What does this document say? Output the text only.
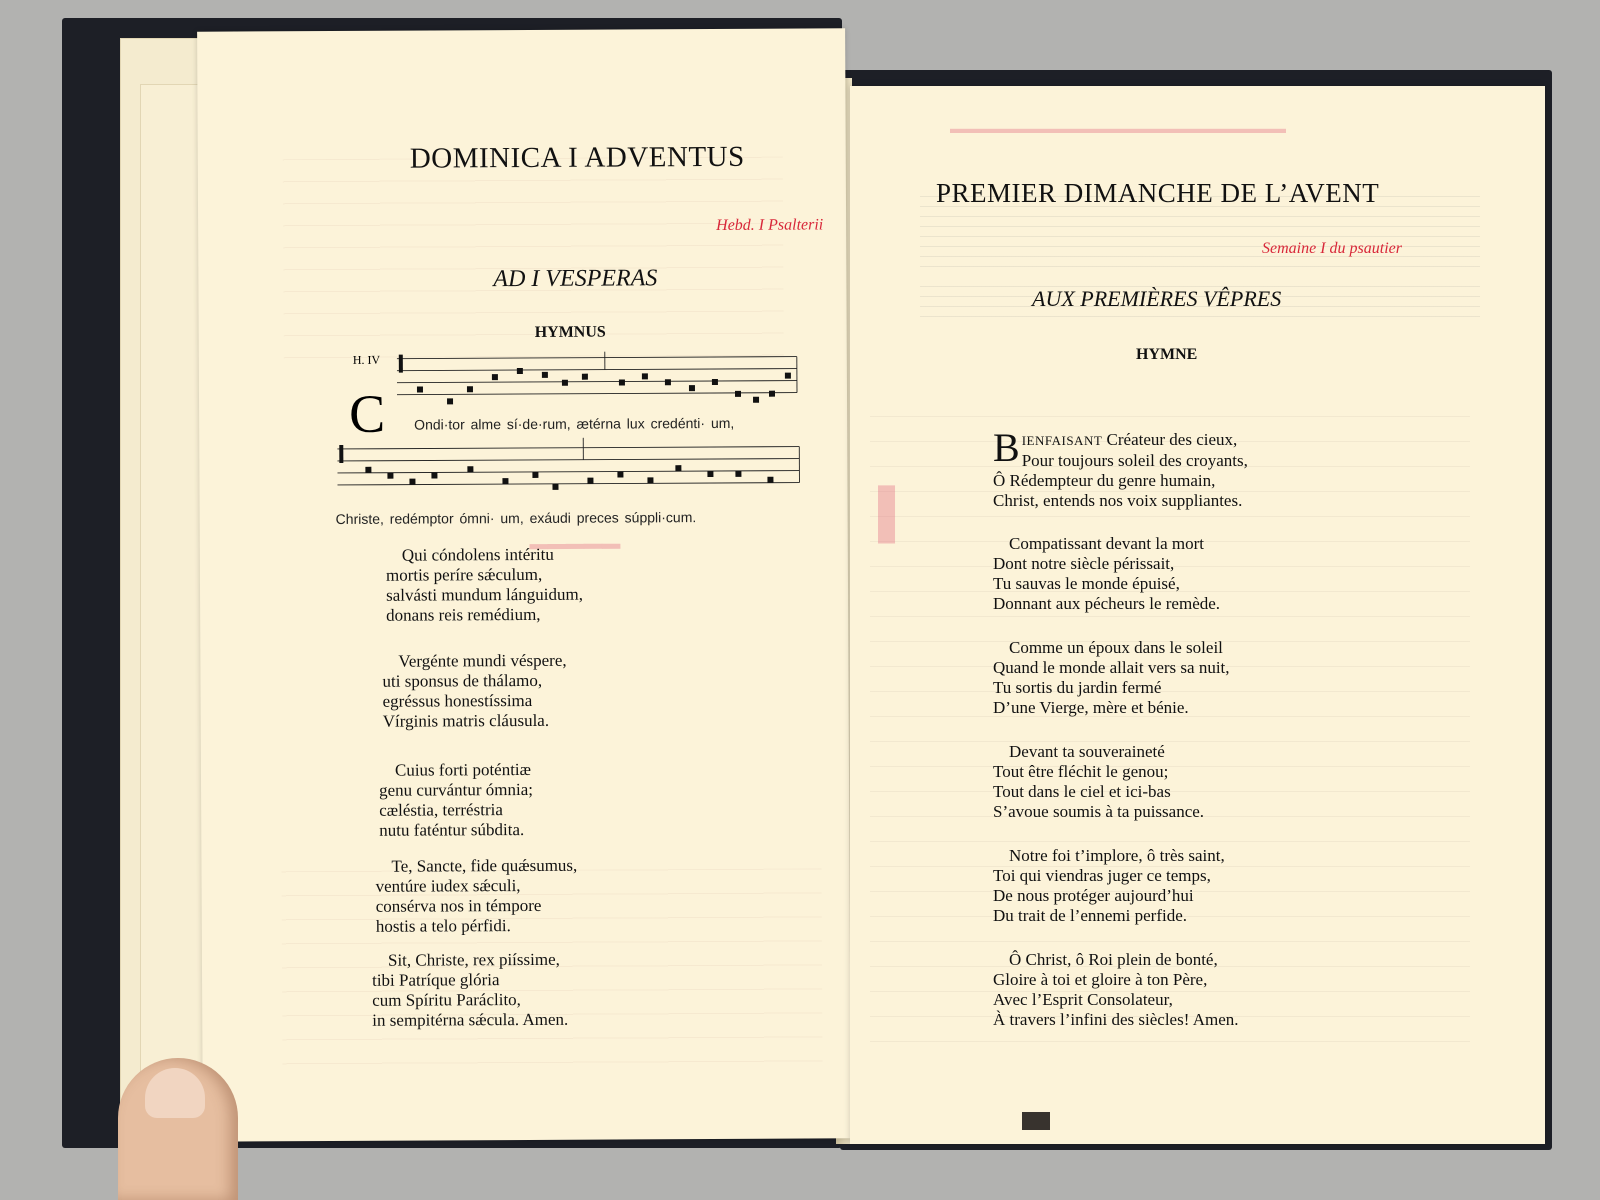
━━━━━
DOMINICA I ADVENTUS
Hebd. I Psalterii
AD I VESPERAS
HYMNUS
H. IV
C Ondi·tor alme sí·de·rum, ætérna lux credénti· um,
Christe, redémptor ómni· um, exáudi preces súppli·cum.
Qui cóndolens intéritu
mortis períre sǽculum,
salvásti mundum lánguidum,
donans reis remédium,
Vergénte mundi véspere,
uti sponsus de thálamo,
egréssus honestíssima
Vírginis matris cláusula.
Cuius forti poténtiæ
genu curvántur ómnia;
cæléstia, terréstria
nutu faténtur súbdita.
Te, Sancte, fide quǽsumus,
ventúre iudex sǽculi,
consérva nos in témpore
hostis a telo pérfidi.
Sit, Christe, rex piíssime,
tibi Patríque glória
cum Spíritu Paráclito,
in sempitérna sǽcula. Amen.
▬▬▬▬▬▬▬▬▬▬▬▬▬▬▬▬▬▬▬▬▬▬▬▬
▌
PREMIER DIMANCHE DE L’AVENT
Semaine I du psautier
AUX PREMIÈRES VÊPRES
HYMNE
BIENFAISANT Créateur des cieux,
Pour toujours soleil des croyants,
Ô Rédempteur du genre humain,
Christ, entends nos voix suppliantes.
Compatissant devant la mort
Dont notre siècle périssait,
Tu sauvas le monde épuisé,
Donnant aux pécheurs le remède.
Comme un époux dans le soleil
Quand le monde allait vers sa nuit,
Tu sortis du jardin fermé
D’une Vierge, mère et bénie.
Devant ta souveraineté
Tout être fléchit le genou;
Tout dans le ciel et ici-bas
S’avoue soumis à ta puissance.
Notre foi t’implore, ô très saint,
Toi qui viendras juger ce temps,
De nous protéger aujourd’hui
Du trait de l’ennemi perfide.
Ô Christ, ô Roi plein de bonté,
Gloire à toi et gloire à ton Père,
Avec l’Esprit Consolateur,
À travers l’infini des siècles! Amen.
